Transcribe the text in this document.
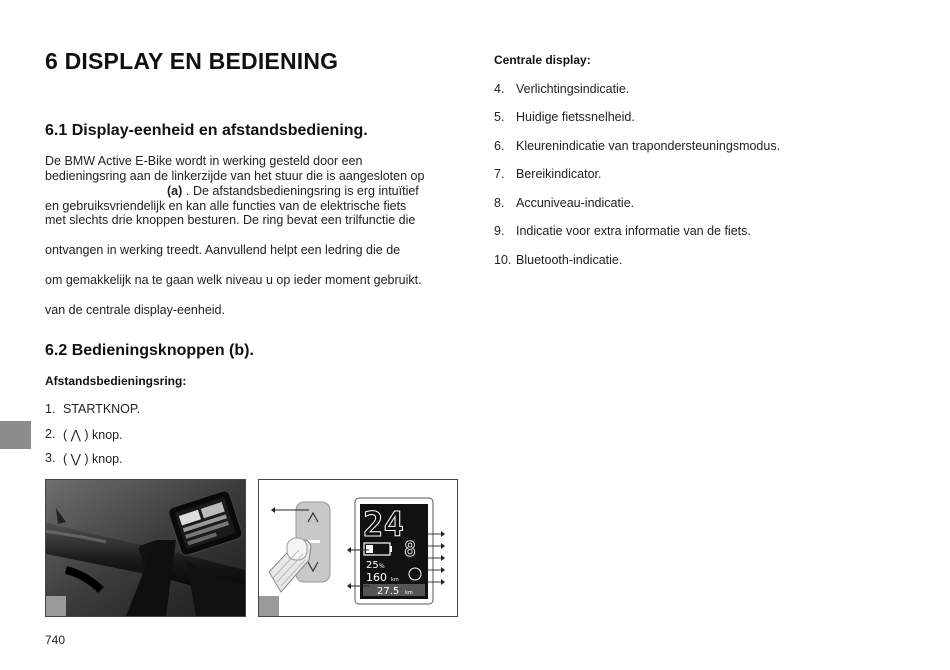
6 DISPLAY EN BEDIENING
6.1 Display-eenheid en afstandsbediening.
De BMW Active E-Bike wordt in werking gesteld door een
bedieningsring aan de linkerzijde van het stuur die is aangesloten op
(a) . De afstandsbedieningsring is erg intuïtief
en gebruiksvriendelijk en kan alle functies van de elektrische fiets
met slechts drie knoppen besturen. De ring bevat een trilfunctie die
ontvangen in werking treedt. Aanvullend helpt een ledring die de
om gemakkelijk na te gaan welk niveau u op ieder moment gebruikt.
van de centrale display-eenheid.
6.2 Bedieningsknoppen (b).
Afstandsbedieningsring:
1. STARTKNOP.
2. ( ⋀ ) knop.
3. ( ⋁ ) knop.
Centrale display:
4. Verlichtingsindicatie.
5. Huidige fietssnelheid.
6. Kleurenindicatie van trapondersteuningsmodus.
7. Bereikindicator.
8. Accuniveau-indicatie.
9. Indicatie voor extra informatie van de fiets.
10. Bluetooth-indicatie.
24
8
25 %
160 km
27.5 km
740
